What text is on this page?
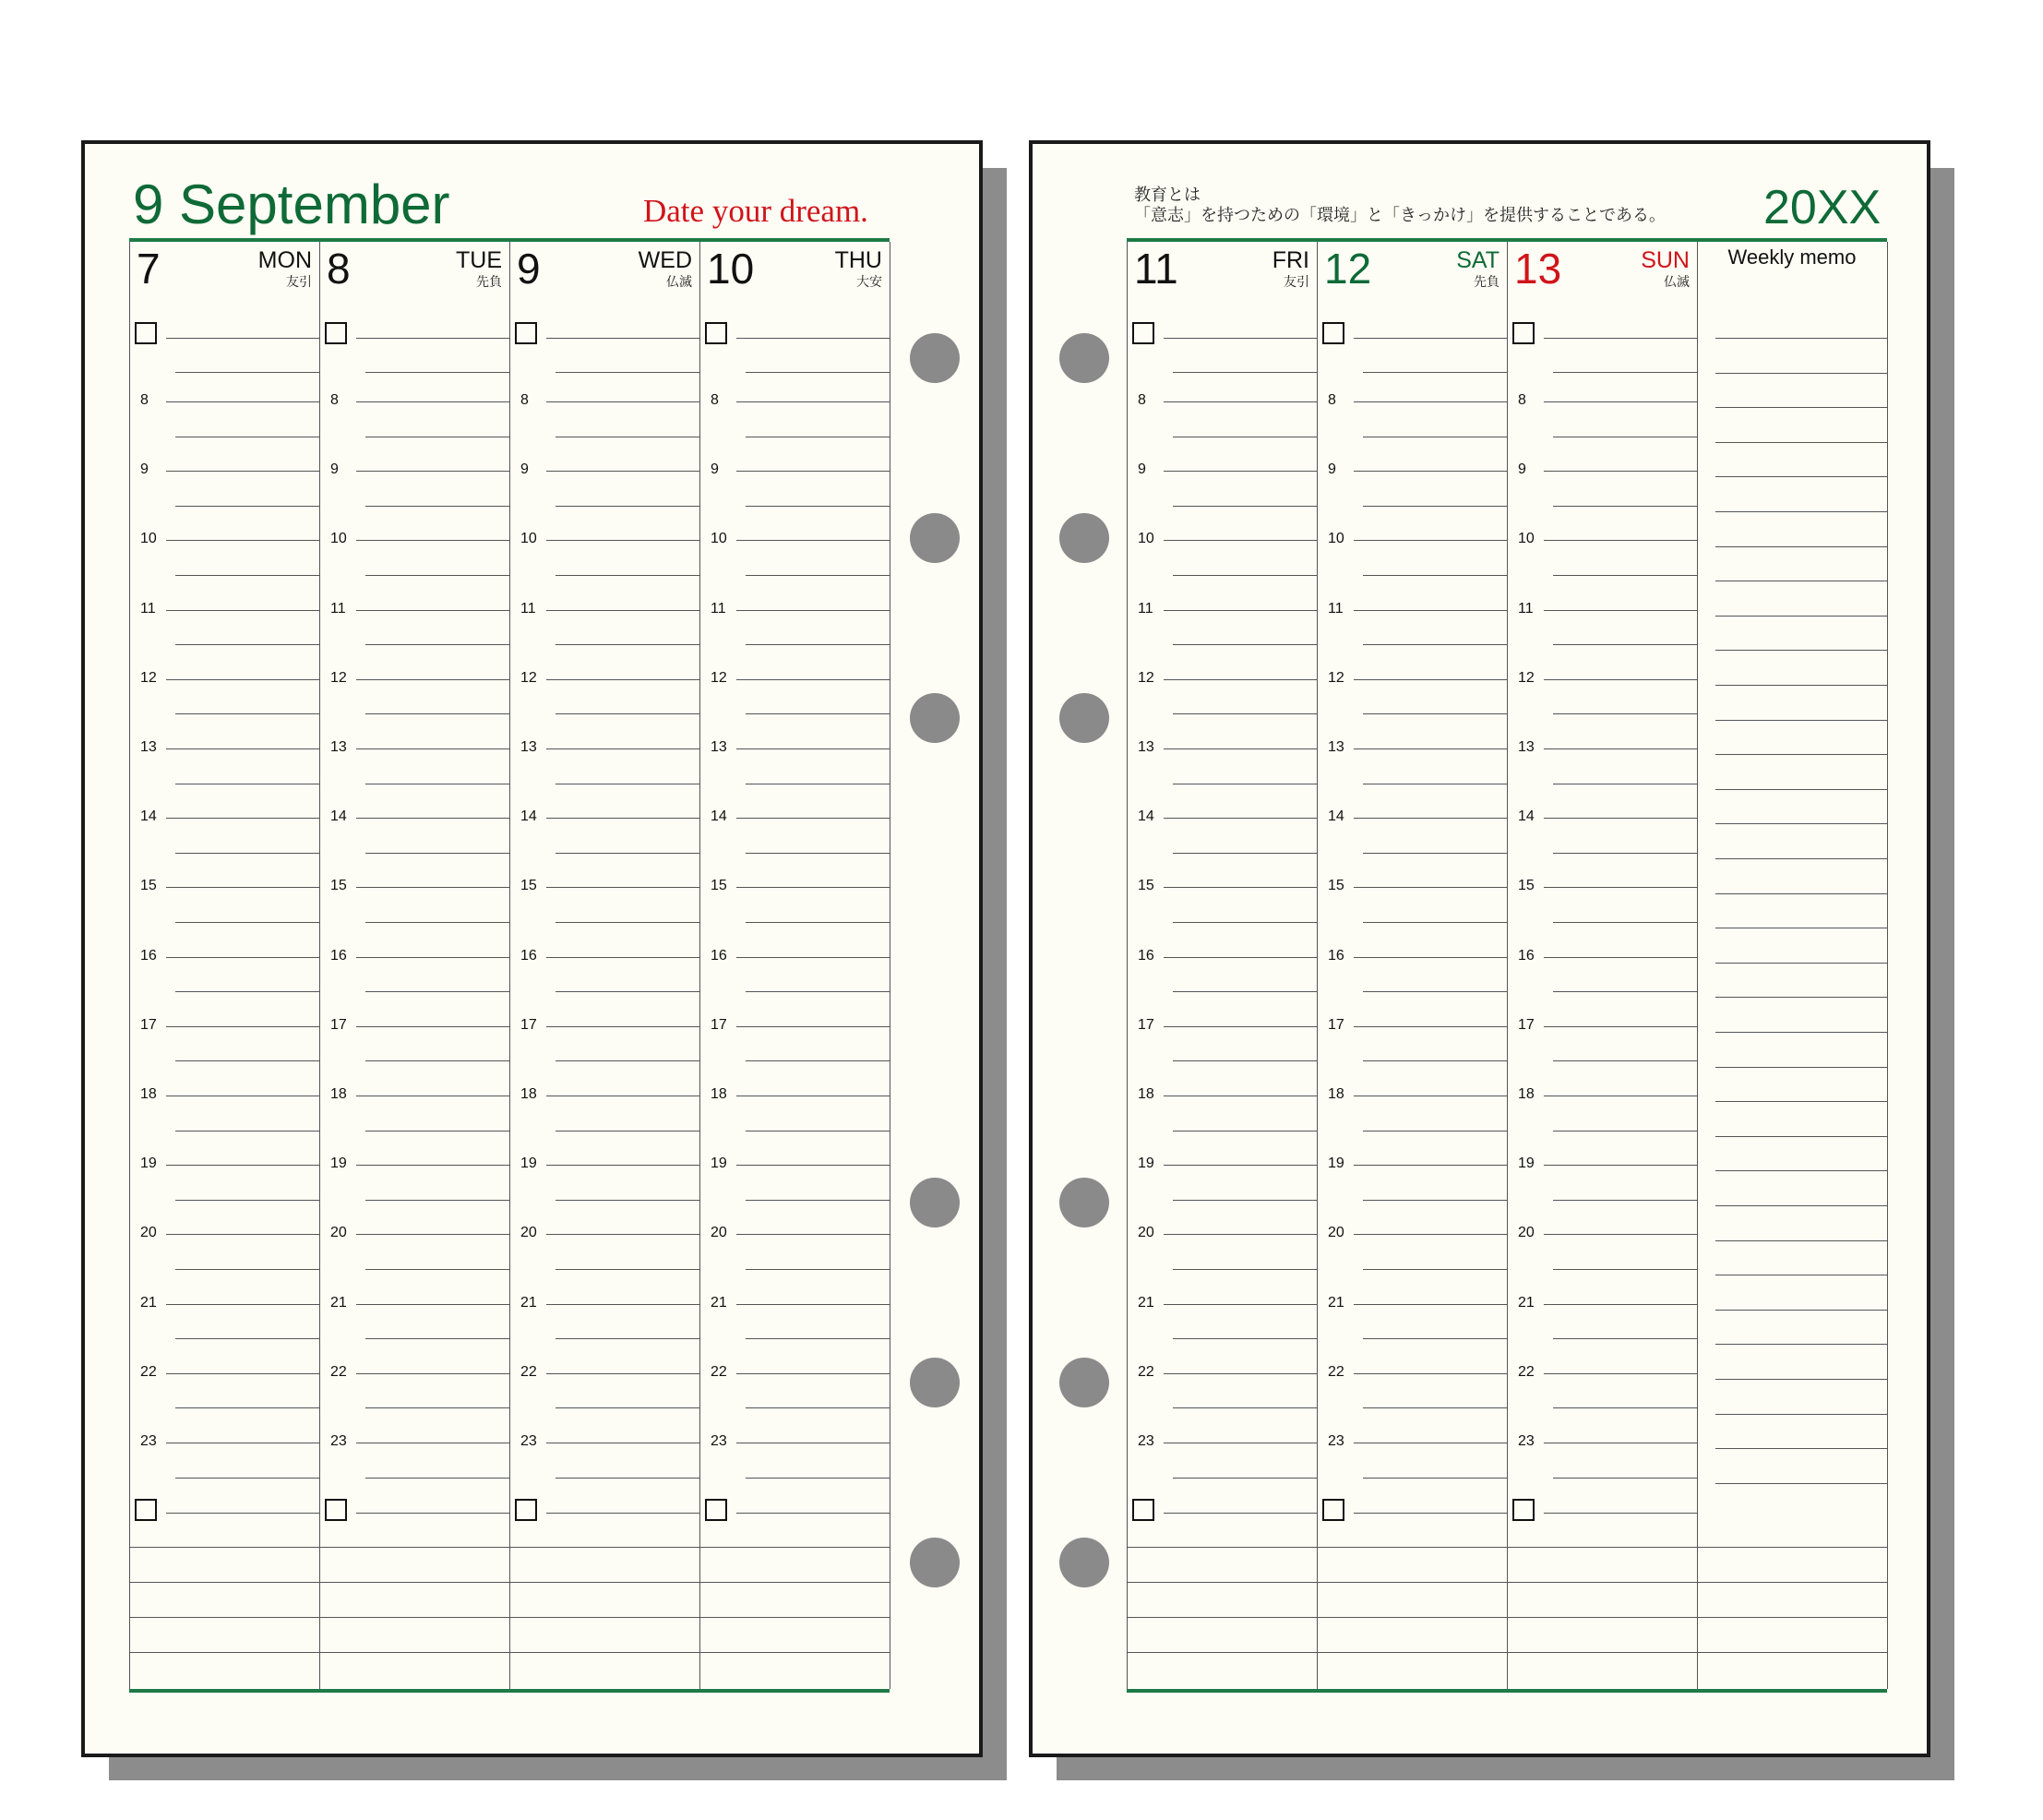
9 September	Date your dream.
7	MON
友引
8
9
10
11
12
13
14
15
16
17
18
19
20
21
22
23
8	TUE
先負
8
9
10
11
12
13
14
15
16
17
18
19
20
21
22
23
9	WED
仏滅
8
9
10
11
12
13
14
15
16
17
18
19
20
21
22
23
10	THU
大安
8
9
10
11
12
13
14
15
16
17
18
19
20
21
22
23
教育とは
「意志」を持つための「環境」と「きっかけ」を提供することである。 20XX
11	FRI
友引
8
9
10
11
12
13
14
15
16
17
18
19
20
21
22
23
12	SAT
先負
8
9
10
11
12
13
14
15
16
17
18
19
20
21
22
23
13	SUN
仏滅
8
9
10
11
12
13
14
15
16
17
18
19
20
21
22
23
Weekly memo
